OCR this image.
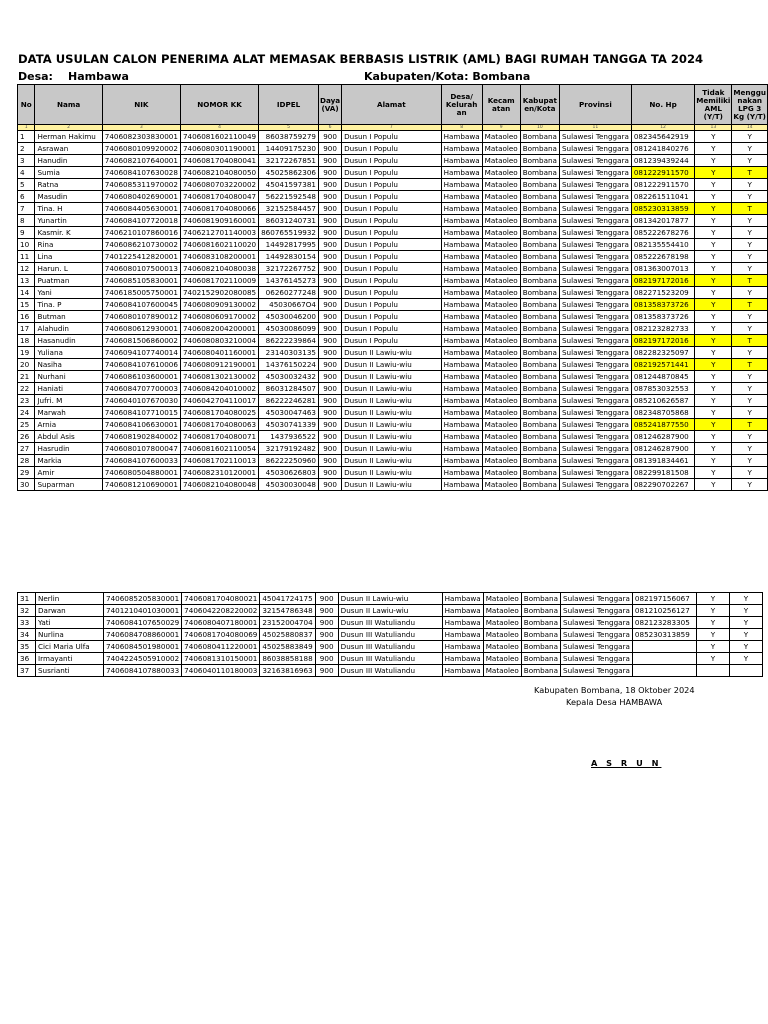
DATA USULAN CALON PENERIMA ALAT MEMASAK BERBASIS LISTRIK (AML) BAGI RUMAH TANGGA TA 2024
Desa: Hambawa	Kabupaten/Kota: Bombana
No	Nama	NIK	NOMOR KK	IDPEL	Daya (VA)	Alamat	Desa/ Kelurah an	Kecam atan	Kabupat en/Kota	Provinsi	No. Hp	Tidak Memiliki AML (Y/T)	Menggu nakan LPG 3 Kg (Y/T)
1	2	3	4	5	6	7	8	9	10	11	12	13	14
1	Herman Hakimu	7406082303830001	7406081602110049	86038759279	900	Dusun I Populu	Hambawa	Mataoleo	Bombana	Sulawesi Tenggara	082345642919	Y	Y
2	Asrawan	7406080109920002	7406080301190001	14409175230	900	Dusun I Populu	Hambawa	Mataoleo	Bombana	Sulawesi Tenggara	081241840276	Y	Y
3	Hanudin	7406082107640001	7406081704080041	32172267851	900	Dusun I Populu	Hambawa	Mataoleo	Bombana	Sulawesi Tenggara	081239439244	Y	Y
4	Sumia	7406084107630028	7406082104080050	45025862306	900	Dusun I Populu	Hambawa	Mataoleo	Bombana	Sulawesi Tenggara	081222911570	Y	T
5	Ratna	7406085311970002	7406080703220002	45041597381	900	Dusun I Populu	Hambawa	Mataoleo	Bombana	Sulawesi Tenggara	081222911570	Y	Y
6	Masudin	7406080402690001	7406081704080047	56221592548	900	Dusun I Populu	Hambawa	Mataoleo	Bombana	Sulawesi Tenggara	082261511041	Y	Y
7	Tina. H	7406084405630001	7406081704080066	32152584457	900	Dusun I Populu	Hambawa	Mataoleo	Bombana	Sulawesi Tenggara	085230313859	Y	T
8	Yunartin	7406084107720018	7406081909160001	86031240731	900	Dusun I Populu	Hambawa	Mataoleo	Bombana	Sulawesi Tenggara	081342017877	Y	Y
9	Kasmir. K	7406210107860016	7406212701140003	860765519932	900	Dusun I Populu	Hambawa	Mataoleo	Bombana	Sulawesi Tenggara	085222678276	Y	Y
10	Rina	7406086210730002	7406081602110020	14492817995	900	Dusun I Populu	Hambawa	Mataoleo	Bombana	Sulawesi Tenggara	082135554410	Y	Y
11	Lina	7401225412820001	7406083108200001	14492830154	900	Dusun I Populu	Hambawa	Mataoleo	Bombana	Sulawesi Tenggara	085222678198	Y	Y
12	Harun. L	7406080107500013	7406082104080038	32172267752	900	Dusun I Populu	Hambawa	Mataoleo	Bombana	Sulawesi Tenggara	081363007013	Y	Y
13	Puatman	7406085105830001	7406081702110009	14376145273	900	Dusun I Populu	Hambawa	Mataoleo	Bombana	Sulawesi Tenggara	082197172016	Y	T
14	Yani	7406185005750001	7402152902080085	06260277248	900	Dusun I Populu	Hambawa	Mataoleo	Bombana	Sulawesi Tenggara	082271523209	Y	Y
15	Tina. P	7406084107600045	7406080909130002	45030667O4	900	Dusun I Populu	Hambawa	Mataoleo	Bombana	Sulawesi Tenggara	081358373726	Y	T
16	Butman	7406080107890012	7406080609170002	45030046200	900	Dusun I Populu	Hambawa	Mataoleo	Bombana	Sulawesi Tenggara	081358373726	Y	Y
17	Alahudin	7406080612930001	7406082004200001	45030086099	900	Dusun I Populu	Hambawa	Mataoleo	Bombana	Sulawesi Tenggara	082123282733	Y	Y
18	Hasanudin	7406081506860002	7406080803210004	86222239864	900	Dusun I Populu	Hambawa	Mataoleo	Bombana	Sulawesi Tenggara	082197172016	Y	T
19	Yuliana	7406094107740014	7406080401160001	23140303135	900	Dusun II Lawiu-wiu	Hambawa	Mataoleo	Bombana	Sulawesi Tenggara	082282325097	Y	Y
20	Nasiha	7406084107610006	7406080912190001	14376150224	900	Dusun II Lawiu-wiu	Hambawa	Mataoleo	Bombana	Sulawesi Tenggara	082192571441	Y	T
21	Nurhani	7406086103600001	7406081302130002	45030032432	900	Dusun II Lawiu-wiu	Hambawa	Mataoleo	Bombana	Sulawesi Tenggara	081244870845	Y	Y
22	Haniati	7406084707700003	7406084204010002	86031284507	900	Dusun II Lawiu-wiu	Hambawa	Mataoleo	Bombana	Sulawesi Tenggara	087853032553	Y	Y
23	Jufri. M	7406040107670030	7406042704110017	86222246281	900	Dusun II Lawiu-wiu	Hambawa	Mataoleo	Bombana	Sulawesi Tenggara	085210626587	Y	Y
24	Marwah	7406084107710015	7406081704080025	45030047463	900	Dusun II Lawiu-wiu	Hambawa	Mataoleo	Bombana	Sulawesi Tenggara	082348705868	Y	Y
25	Arnia	7406084106630001	7406081704080063	45030741339	900	Dusun II Lawiu-wiu	Hambawa	Mataoleo	Bombana	Sulawesi Tenggara	085241877550	Y	T
26	Abdul Asis	7406081902840002	7406081704080071	1437936522	900	Dusun II Lawiu-wiu	Hambawa	Mataoleo	Bombana	Sulawesi Tenggara	081246287900	Y	Y
27	Hasrudin	7406080107800047	7406081602110054	32179192482	900	Dusun II Lawiu-wiu	Hambawa	Mataoleo	Bombana	Sulawesi Tenggara	081246287900	Y	Y
28	Markia	7406084107600033	7406081702110013	86222250960	900	Dusun II Lawiu-wiu	Hambawa	Mataoleo	Bombana	Sulawesi Tenggara	081391834461	Y	Y
29	Amir	7406080504880001	7406082310120001	45030626803	900	Dusun II Lawiu-wiu	Hambawa	Mataoleo	Bombana	Sulawesi Tenggara	082299181508	Y	Y
30	Suparman	7406081210690001	7406082104080048	45030030048	900	Dusun II Lawiu-wiu	Hambawa	Mataoleo	Bombana	Sulawesi Tenggara	082290702267	Y	Y
31	Nerlin	7406085205830001	7406081704080021	45041724175	900	Dusun II Lawiu-wiu	Hambawa	Mataoleo	Bombana	Sulawesi Tenggara	082197156067	Y	Y
32	Darwan	7401210401030001	7406042208220002	32154786348	900	Dusun II Lawiu-wiu	Hambawa	Mataoleo	Bombana	Sulawesi Tenggara	081210256127	Y	Y
33	Yati	7406084107650029	7406080407180001	23152004704	900	Dusun III Watuliandu	Hambawa	Mataoleo	Bombana	Sulawesi Tenggara	082123283305	Y	Y
34	Nurlina	7406084708860001	7406081704080069	45025880837	900	Dusun III Watuliandu	Hambawa	Mataoleo	Bombana	Sulawesi Tenggara	085230313859	Y	Y
35	Cici Maria Ulfa	7406084501980001	7406080411220001	45025883849	900	Dusun III Watuliandu	Hambawa	Mataoleo	Bombana	Sulawesi Tenggara		Y	Y
36	Irmayanti	7404224505910002	7406081310150001	86038858188	900	Dusun III Watuliandu	Hambawa	Mataoleo	Bombana	Sulawesi Tenggara		Y	Y
37	Susrianti	7406084107880033	7406040110180003	32163816963	900	Dusun III Watuliandu	Hambawa	Mataoleo	Bombana	Sulawesi Tenggara			
Kabupaten Bombana, 18 Oktober 2024
Kepala Desa HAMBAWA
A S R U N
